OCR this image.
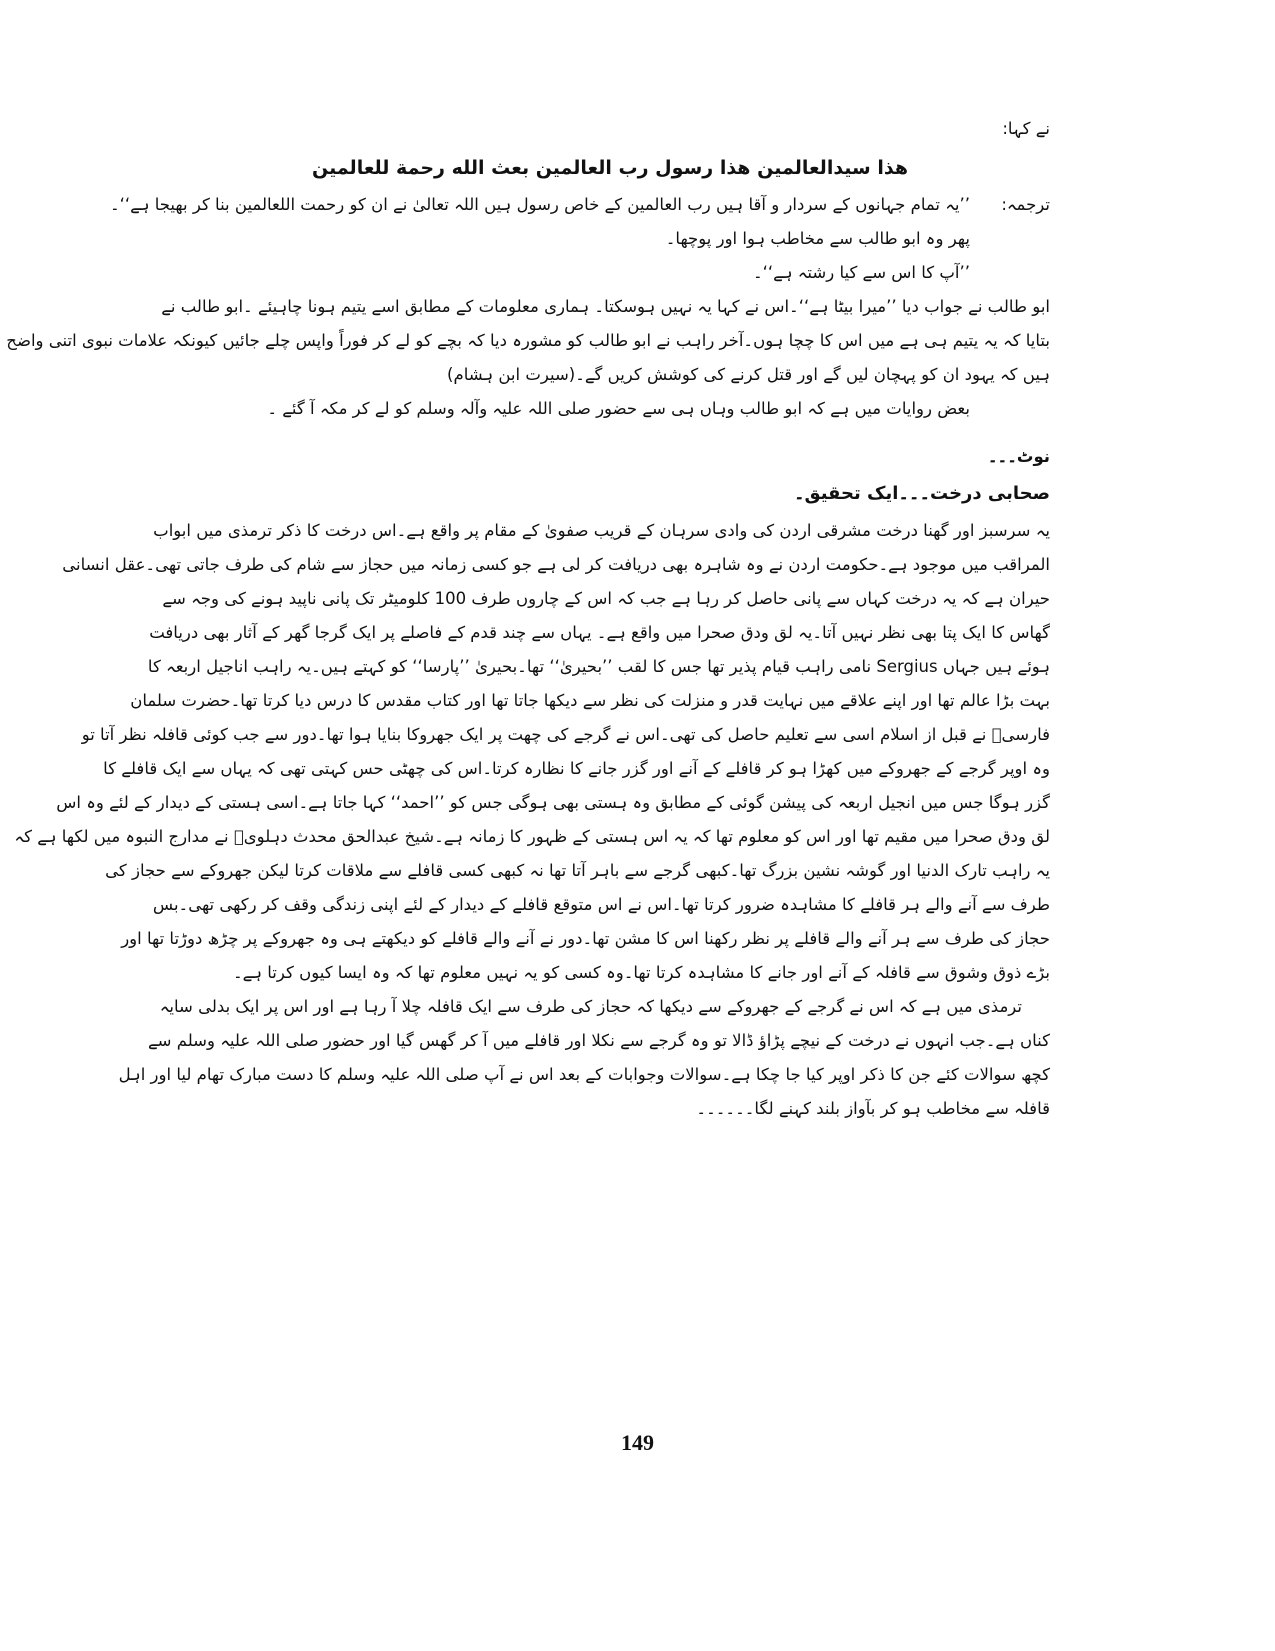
نے کہا:
هذا سيدالعالمين هذا رسول رب العالمين بعث الله رحمة للعالمين
ترجمہ:
’’یہ تمام جہانوں کے سردار و آقا ہیں رب العالمین کے خاص رسول ہیں اللہ تعالیٰ نے ان کو رحمت اللعالمین بنا کر بھیجا ہے‘‘۔
پھر وہ ابو طالب سے مخاطب ہوا اور پوچھا۔
’’آپ کا اس سے کیا رشتہ ہے‘‘۔
ابو طالب نے جواب دیا ’’میرا بیٹا ہے‘‘۔اس نے کہا یہ نہیں ہوسکتا۔ ہماری معلومات کے مطابق اسے یتیم ہونا چاہیئے ۔ابو طالب نے
بتایا کہ یہ یتیم ہی ہے میں اس کا چچا ہوں۔آخر راہب نے ابو طالب کو مشورہ دیا کہ بچے کو لے کر فوراً واپس چلے جائیں کیونکہ علامات نبوی اتنی واضح
ہیں کہ یہود ان کو پہچان لیں گے اور قتل کرنے کی کوشش کریں گے۔(سیرت ابن ہشام)
بعض روایات میں ہے کہ ابو طالب وہاں ہی سے حضور صلی اللہ علیہ وآلہ وسلم کو لے کر مکہ آ گئے ۔
نوٹ۔۔۔
صحابی درخت۔۔۔ایک تحقیق۔
یہ سرسبز اور گھنا درخت مشرقی اردن کی وادی سرہان کے قریب صفویٰ کے مقام پر واقع ہے۔اس درخت کا ذکر ترمذی میں ابواب
المراقب میں موجود ہے۔حکومت اردن نے وہ شاہرہ بھی دریافت کر لی ہے جو کسی زمانہ میں حجاز سے شام کی طرف جاتی تھی۔عقل انسانی
حیران ہے کہ یہ درخت کہاں سے پانی حاصل کر رہا ہے جب کہ اس کے چاروں طرف 100 کلومیٹر تک پانی ناپید ہونے کی وجہ سے
گھاس کا ایک پتا بھی نظر نہیں آتا۔یہ لق ودق صحرا میں واقع ہے۔ یہاں سے چند قدم کے فاصلے پر ایک گرجا گھر کے آثار بھی دریافت
ہوئے ہیں جہاں Sergius نامی راہب قیام پذیر تھا جس کا لقب ’’بحیریٰ‘‘ تھا۔بحیریٰ ’’پارسا‘‘ کو کہتے ہیں۔یہ راہب اناجیل اربعہ کا
بہت بڑا عالم تھا اور اپنے علاقے میں نہایت قدر و منزلت کی نظر سے دیکھا جاتا تھا اور کتاب مقدس کا درس دیا کرتا تھا۔حضرت سلمان
فارسیؓ نے قبل از اسلام اسی سے تعلیم حاصل کی تھی۔اس نے گرجے کی چھت پر ایک جھروکا بنایا ہوا تھا۔دور سے جب کوئی قافلہ نظر آتا تو
وہ اوپر گرجے کے جھروکے میں کھڑا ہو کر قافلے کے آنے اور گزر جانے کا نظارہ کرتا۔اس کی چھٹی حس کہتی تھی کہ یہاں سے ایک قافلے کا
گزر ہوگا جس میں انجیل اربعہ کی پیشن گوئی کے مطابق وہ ہستی بھی ہوگی جس کو ’’احمد‘‘ کہا جاتا ہے۔اسی ہستی کے دیدار کے لئے وہ اس
لق ودق صحرا میں مقیم تھا اور اس کو معلوم تھا کہ یہ اس ہستی کے ظہور کا زمانہ ہے۔شیخ عبدالحق محدث دہلویؒ نے مدارج النبوہ میں لکھا ہے کہ
یہ راہب تارک الدنیا اور گوشہ نشین بزرگ تھا۔کبھی گرجے سے باہر آتا تھا نہ کبھی کسی قافلے سے ملاقات کرتا لیکن جھروکے سے حجاز کی
طرف سے آنے والے ہر قافلے کا مشاہدہ ضرور کرتا تھا۔اس نے اس متوقع قافلے کے دیدار کے لئے اپنی زندگی وقف کر رکھی تھی۔بس
حجاز کی طرف سے ہر آنے والے قافلے پر نظر رکھنا اس کا مشن تھا۔دور نے آنے والے قافلے کو دیکھتے ہی وہ جھروکے پر چڑھ دوڑتا تھا اور
بڑے ذوق وشوق سے قافلہ کے آنے اور جانے کا مشاہدہ کرتا تھا۔وہ کسی کو یہ نہیں معلوم تھا کہ وہ ایسا کیوں کرتا ہے۔
ترمذی میں ہے کہ اس نے گرجے کے جھروکے سے دیکھا کہ حجاز کی طرف سے ایک قافلہ چلا آ رہا ہے اور اس پر ایک بدلی سایہ
کناں ہے۔جب انہوں نے درخت کے نیچے پڑاؤ ڈالا تو وہ گرجے سے نکلا اور قافلے میں آ کر گھس گیا اور حضور صلی اللہ علیہ وسلم سے
کچھ سوالات کئے جن کا ذکر اوپر کیا جا چکا ہے۔سوالات وجوابات کے بعد اس نے آپ صلی اللہ علیہ وسلم کا دست مبارک تھام لیا اور اہل
قافلہ سے مخاطب ہو کر بآواز بلند کہنے لگا۔۔۔۔۔۔
149
